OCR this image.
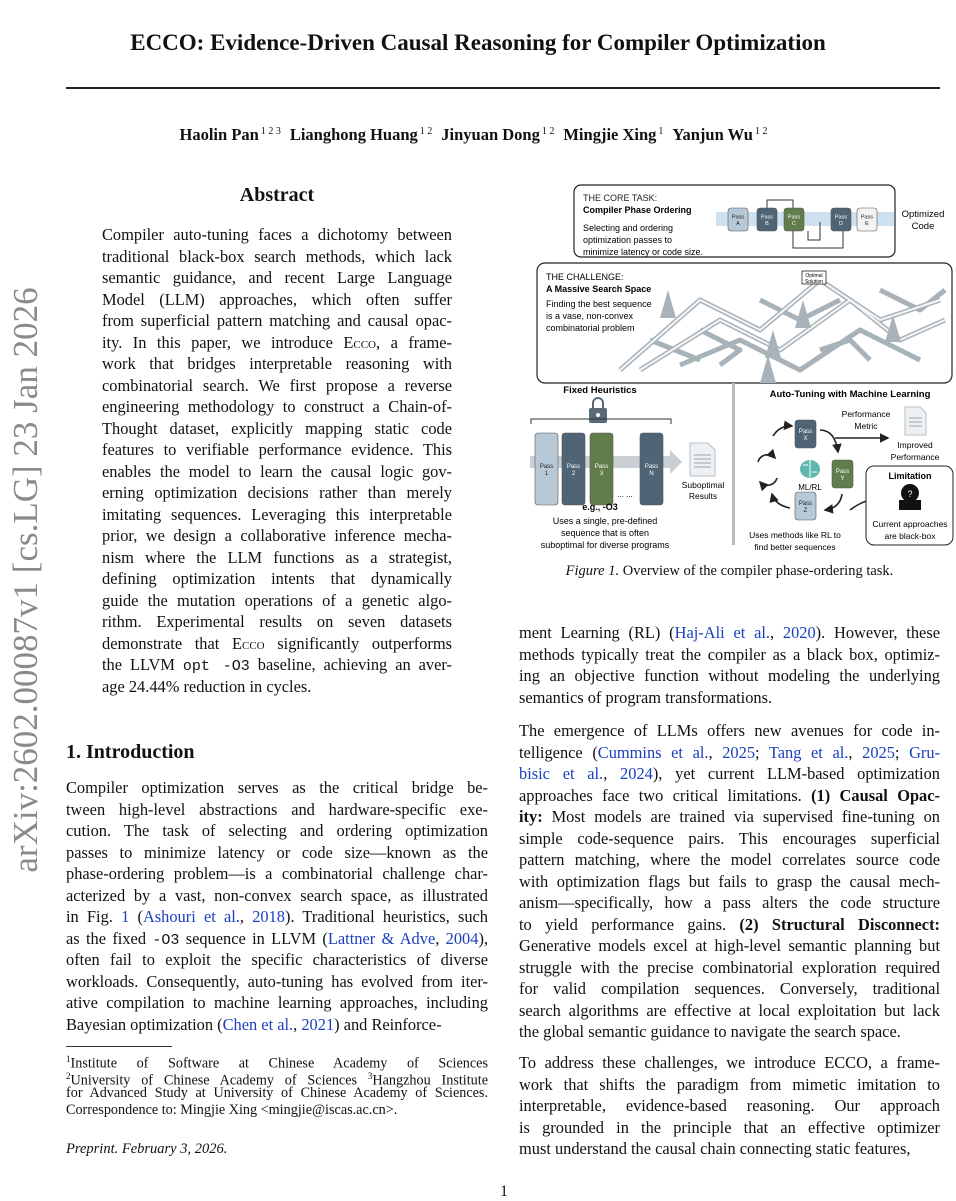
ECCO: Evidence-Driven Causal Reasoning for Compiler Optimization
Haolin Pan $^{1 2 3}$ Lianghong Huang $^{1 2}$ Jinyuan Dong $^{1 2}$ Mingjie Xing $^1$ Yanjun Wu $^{1 2}$
arXiv:2602.00087v1 [cs.LG] 23 Jan 2026
Abstract
Compiler auto-tuning faces a dichotomy between
traditional black-box search methods, which lack
semantic guidance, and recent Large Language
Model (LLM) approaches, which often suffer
from superficial pattern matching and causal opac-
ity. In this paper, we introduce Ecco, a frame-
work that bridges interpretable reasoning with
combinatorial search. We first propose a reverse
engineering methodology to construct a Chain-of-
Thought dataset, explicitly mapping static code
features to verifiable performance evidence. This
enables the model to learn the causal logic gov-
erning optimization decisions rather than merely
imitating sequences. Leveraging this interpretable
prior, we design a collaborative inference mecha-
nism where the LLM functions as a strategist,
defining optimization intents that dynamically
guide the mutation operations of a genetic algo-
rithm. Experimental results on seven datasets
demonstrate that Ecco significantly outperforms
the LLVM opt -O3 baseline, achieving an aver-
age 24.44% reduction in cycles.
1. Introduction
Compiler optimization serves as the critical bridge be-
tween high-level abstractions and hardware-specific exe-
cution. The task of selecting and ordering optimization
passes to minimize latency or code size—known as the
phase-ordering problem—is a combinatorial challenge char-
acterized by a vast, non-convex search space, as illustrated
in Fig. 1 (Ashouri et al., 2018). Traditional heuristics, such
as the fixed -O3 sequence in LLVM (Lattner & Adve, 2004),
often fail to exploit the specific characteristics of diverse
workloads. Consequently, auto-tuning has evolved from iter-
ative compilation to machine learning approaches, including
Bayesian optimization (Chen et al., 2021) and Reinforce-
$^1$Institute of Software at Chinese Academy of Sciences
$^2$University of Chinese Academy of Sciences $^3$Hangzhou Institute
for Advanced Study at University of Chinese Academy of Sciences.
Correspondence to: Mingjie Xing <mingjie@iscas.ac.cn>.
Preprint. February 3, 2026.
1
THE CORE TASK:
Compiler Phase Ordering
Selecting and ordering
optimization passes to
minimize latency or code size.
Pass
A
Pass
B
Pass
C
Pass
D
Pass
E
Optimized
Code
Optimal
Solution
THE CHALLENGE:
A Massive Search Space
Finding the best sequence
is a vase, non-convex
combinatorial problem
Fixed Heuristics
Pass
1
Pass
2
Pass
3
Pass
N
... ...
Suboptimal
Results
e.g., -O3
Uses a single, pre-defined
sequence that is often
suboptimal for diverse programs
Auto-Tuning with Machine Learning
Pass
X
Pass
Y
Pass
Z
ML/RL
Performance
Metric
Improved
Performance
Uses methods like RL to
find better sequences
Limitation
?
Current approaches
are black-box
Figure 1. Overview of the compiler phase-ordering task.
ment Learning (RL) (Haj-Ali et al., 2020). However, these
methods typically treat the compiler as a black box, optimiz-
ing an objective function without modeling the underlying
semantics of program transformations.
The emergence of LLMs offers new avenues for code in-
telligence (Cummins et al., 2025; Tang et al., 2025; Gru-
bisic et al., 2024), yet current LLM-based optimization
approaches face two critical limitations. (1) Causal Opac-
ity: Most models are trained via supervised fine-tuning on
simple code-sequence pairs. This encourages superficial
pattern matching, where the model correlates source code
with optimization flags but fails to grasp the causal mech-
anism—specifically, how a pass alters the code structure
to yield performance gains. (2) Structural Disconnect:
Generative models excel at high-level semantic planning but
struggle with the precise combinatorial exploration required
for valid compilation sequences. Conversely, traditional
search algorithms are effective at local exploitation but lack
the global semantic guidance to navigate the search space.
To address these challenges, we introduce ECCO, a frame-
work that shifts the paradigm from mimetic imitation to
interpretable, evidence-based reasoning. Our approach
is grounded in the principle that an effective optimizer
must understand the causal chain connecting static features,
